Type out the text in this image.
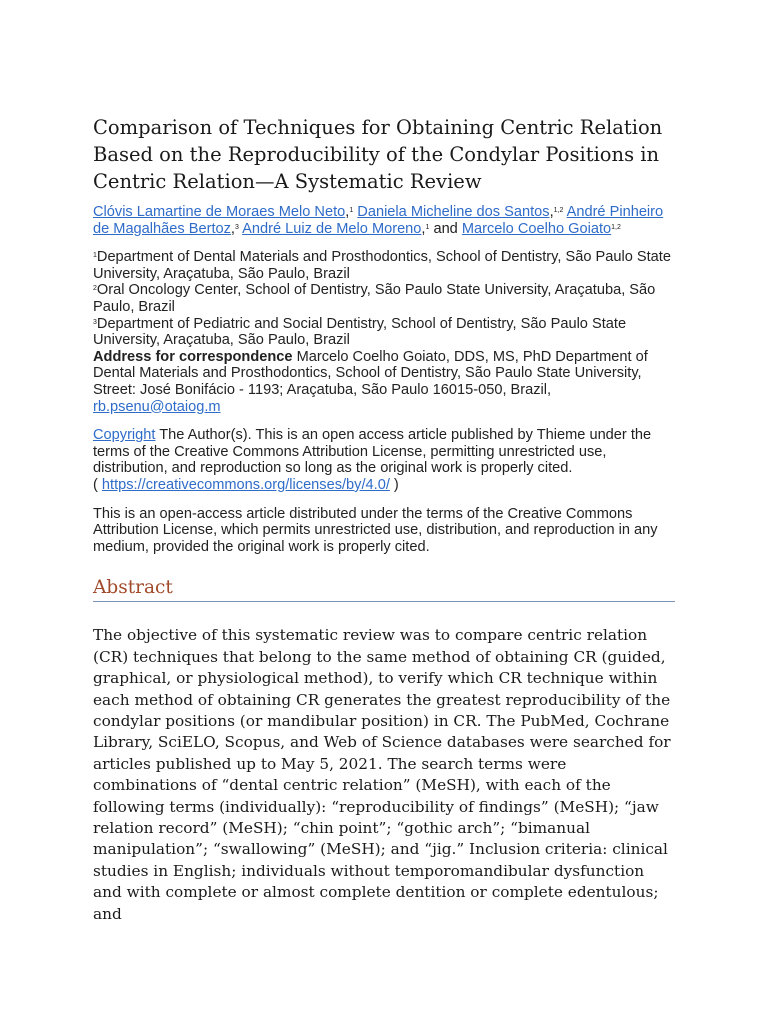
Comparison of Techniques for Obtaining Centric Relation Based on the Reproducibility of the Condylar Positions in Centric Relation—A Systematic Review
Clóvis Lamartine de Moraes Melo Neto,$^1$ Daniela Micheline dos Santos,$^{1,2}$ André Pinheiro de Magalhães Bertoz,$^3$ André Luiz de Melo Moreno,$^1$ and Marcelo Coelho Goiato$^{1,2}$

$^1$Department of Dental Materials and Prosthodontics, School of Dentistry, São Paulo State University, Araçatuba, São Paulo, Brazil

$^2$Oral Oncology Center, School of Dentistry, São Paulo State University, Araçatuba, São Paulo, Brazil

$^3$Department of Pediatric and Social Dentistry, School of Dentistry, São Paulo State University, Araçatuba, São Paulo, Brazil

Address for correspondence Marcelo Coelho Goiato, DDS, MS, PhD Department of Dental Materials and Prosthodontics, School of Dentistry, São Paulo State University, Street: José Bonifácio - 1193; Araçatuba, São Paulo 16015-050, Brazil, rb.psenu@otaiog.m

Copyright The Author(s). This is an open access article published by Thieme under the terms of the Creative Commons Attribution License, permitting unrestricted use, distribution, and reproduction so long as the original work is properly cited.
( https://creativecommons.org/licenses/by/4.0/ )

This is an open-access article distributed under the terms of the Creative Commons Attribution License, which permits unrestricted use, distribution, and reproduction in any medium, provided the original work is properly cited.

Abstract

The objective of this systematic review was to compare centric relation (CR) techniques that belong to the same method of obtaining CR (guided, graphical, or physiological method), to verify which CR technique within each method of obtaining CR generates the greatest reproducibility of the condylar positions (or mandibular position) in CR. The PubMed, Cochrane Library, SciELO, Scopus, and Web of Science databases were searched for articles published up to May 5, 2021. The search terms were combinations of “dental centric relation” (MeSH), with each of the following terms (individually): “reproducibility of findings” (MeSH); “jaw relation record” (MeSH); “chin point”; “gothic arch”; “bimanual manipulation”; “swallowing” (MeSH); and “jig.” Inclusion criteria: clinical studies in English; individuals without temporomandibular dysfunction and with complete or almost complete dentition or complete edentulous; and
